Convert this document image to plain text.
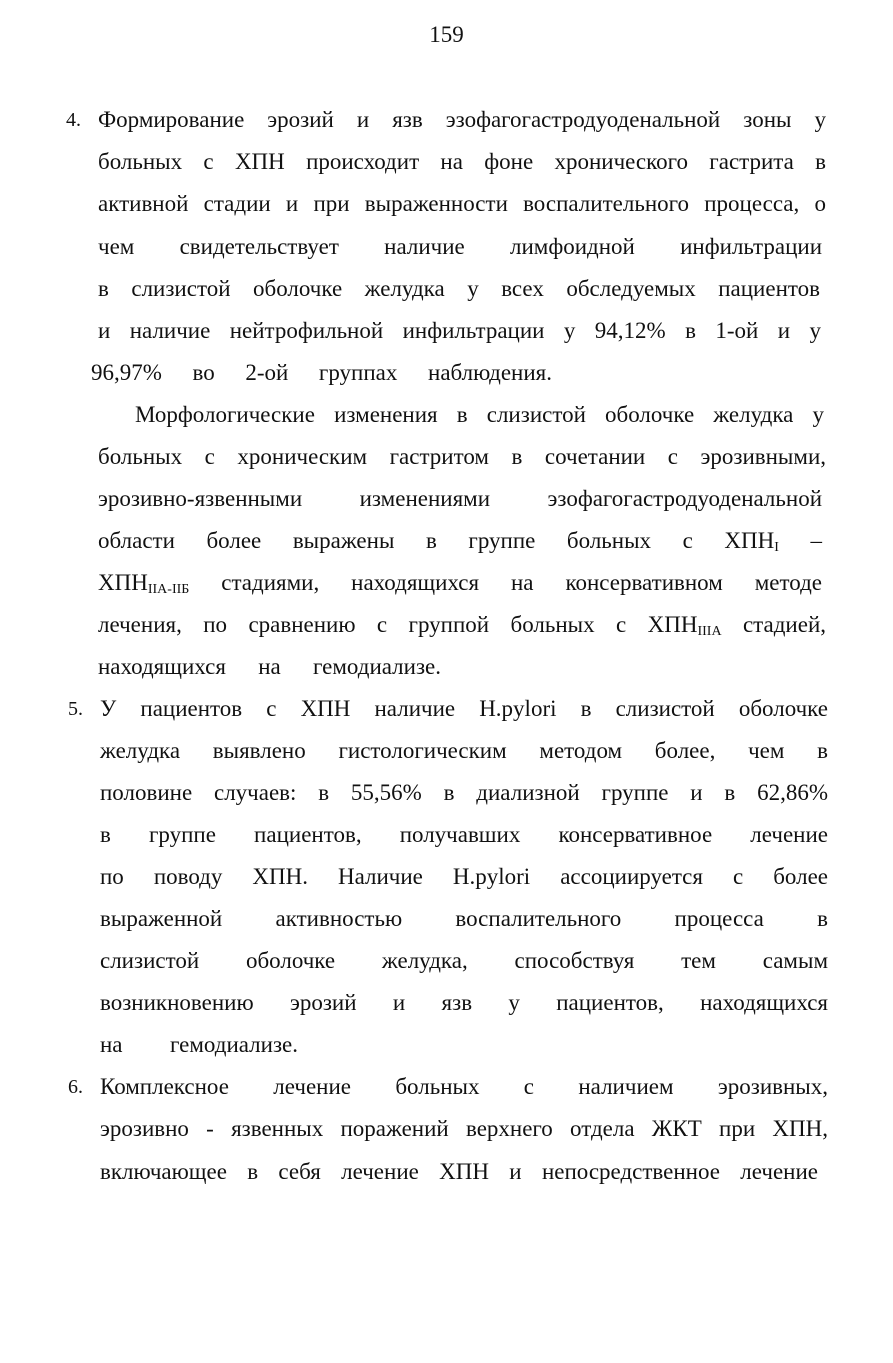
159
4. Формирование эрозий и язв эзофагогастродуоденальной зоны у
больных с ХПН происходит на фоне хронического гастрита в
активной стадии и при выраженности воспалительного процесса, о
чем свидетельствует наличие лимфоидной инфильтрации
в слизистой оболочке желудка у всех обследуемых пациентов
и наличие нейтрофильной инфильтрации у 94,12% в 1-ой и у
96,97% во 2-ой группах наблюдения.
Морфологические изменения в слизистой оболочке желудка у
больных с хроническим гастритом в сочетании с эрозивными,
эрозивно-язвенными изменениями эзофагогастродуоденальной
области более выражены в группе больных с $ХПН_I$ –
$ХПН_{IIА-IIБ}$ стадиями, находящихся на консервативном методе
лечения, по сравнению с группой больных с $ХПН_{IIIА}$ стадией,
находящихся на гемодиализе.
5. У пациентов с ХПН наличие H.pylori в слизистой оболочке
желудка выявлено гистологическим методом более, чем в
половине случаев: в 55,56% в диализной группе и в 62,86%
в группе пациентов, получавших консервативное лечение
по поводу ХПН. Наличие H.pylori ассоциируется с более
выраженной активностью воспалительного процесса в
слизистой оболочке желудка, способствуя тем самым
возникновению эрозий и язв у пациентов, находящихся
на гемодиализе.
6. Комплексное лечение больных с наличием эрозивных,
эрозивно - язвенных поражений верхнего отдела ЖКТ при ХПН,
включающее в себя лечение ХПН и непосредственное лечение
